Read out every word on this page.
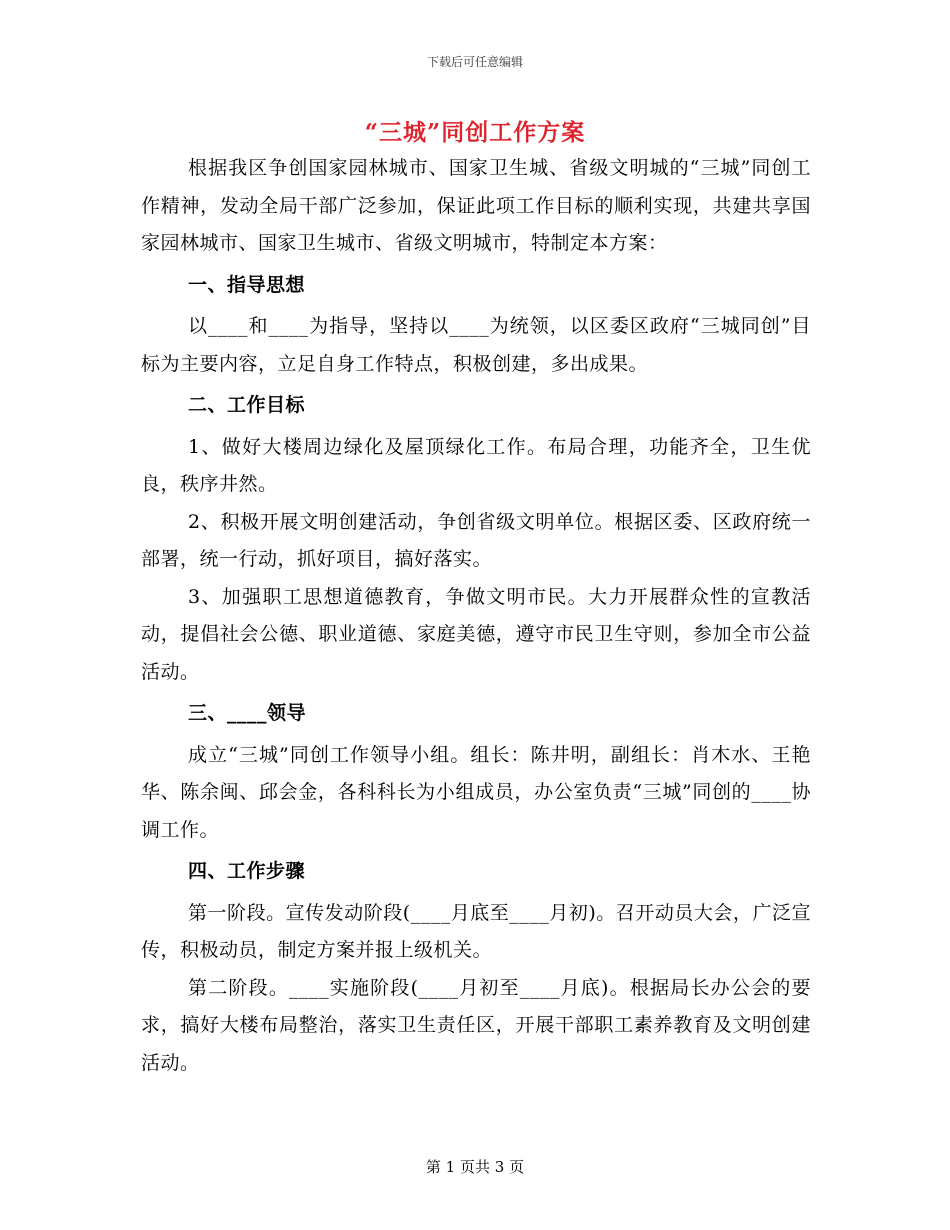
下载后可任意编辑
“三城”同创工作方案

根据我区争创国家园林城市、国家卫生城、省级文明城的“三城”同创工作精神，发动全局干部广泛参加，保证此项工作目标的顺利实现，共建共享国家园林城市、国家卫生城市、省级文明城市，特制定本方案：

一、指导思想

以____和____为指导，坚持以____为统领，以区委区政府“三城同创”目标为主要内容，立足自身工作特点，积极创建，多出成果。

二、工作目标

1、做好大楼周边绿化及屋顶绿化工作。布局合理，功能齐全，卫生优良，秩序井然。

2、积极开展文明创建活动，争创省级文明单位。根据区委、区政府统一部署，统一行动，抓好项目，搞好落实。

3、加强职工思想道德教育，争做文明市民。大力开展群众性的宣教活动，提倡社会公德、职业道德、家庭美德，遵守市民卫生守则，参加全市公益活动。

三、____领导

成立“三城”同创工作领导小组。组长：陈井明，副组长：肖木水、王艳华、陈余闽、邱会金，各科科长为小组成员，办公室负责“三城”同创的____协调工作。

四、工作步骤

第一阶段。宣传发动阶段(____月底至____月初)。召开动员大会，广泛宣传，积极动员，制定方案并报上级机关。

第二阶段。____实施阶段(____月初至____月底)。根据局长办公会的要求，搞好大楼布局整治，落实卫生责任区，开展干部职工素养教育及文明创建活动。

第 1 页共 3 页
